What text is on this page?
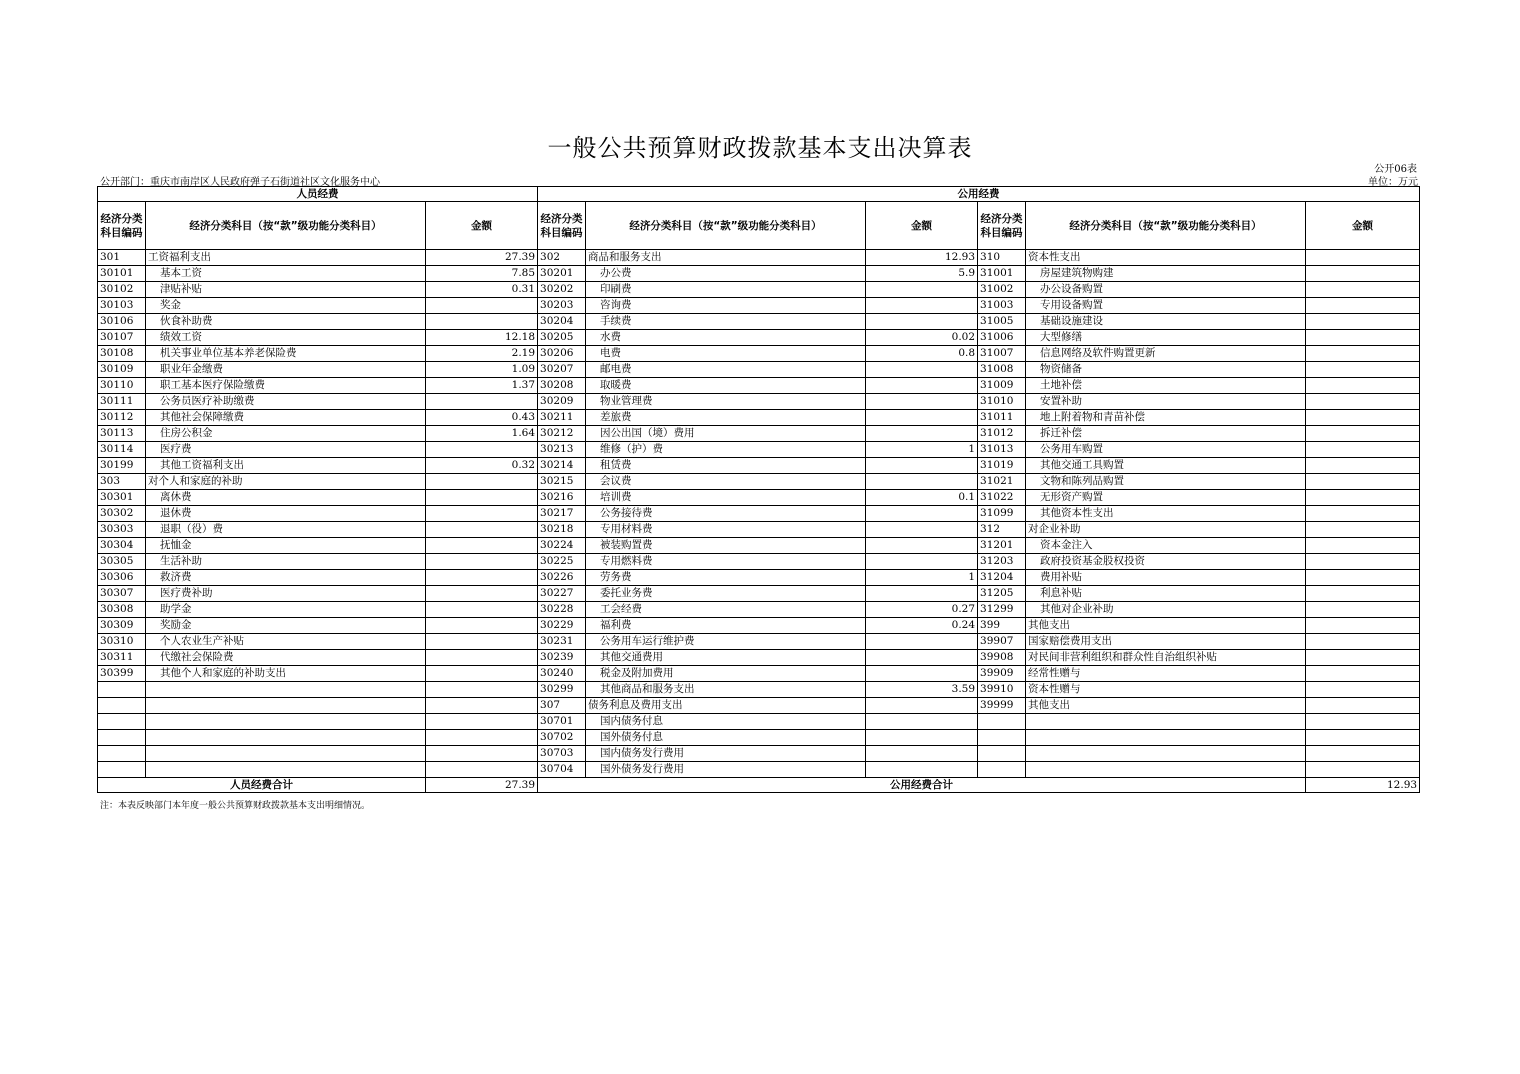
一般公共预算财政拨款基本支出决算表
公开06表
公开部门：重庆市南岸区人民政府弹子石街道社区文化服务中心	单位：万元
人员经费			公用经费					
经济分类科目编码	经济分类科目（按“款”级功能分类科目）	金额	经济分类科目编码	经济分类科目（按“款”级功能分类科目）	金额	经济分类科目编码	经济分类科目（按“款”级功能分类科目）	金额
301	工资福利支出	27.39	302	商品和服务支出	12.93	310	资本性支出	
30101	基本工资	7.85	30201	办公费	5.9	31001	房屋建筑物购建	
30102	津贴补贴	0.31	30202	印刷费		31002	办公设备购置	
30103	奖金		30203	咨询费		31003	专用设备购置	
30106	伙食补助费		30204	手续费		31005	基础设施建设	
30107	绩效工资	12.18	30205	水费	0.02	31006	大型修缮	
30108	机关事业单位基本养老保险费	2.19	30206	电费	0.8	31007	信息网络及软件购置更新	
30109	职业年金缴费	1.09	30207	邮电费		31008	物资储备	
30110	职工基本医疗保险缴费	1.37	30208	取暖费		31009	土地补偿	
30111	公务员医疗补助缴费		30209	物业管理费		31010	安置补助	
30112	其他社会保障缴费	0.43	30211	差旅费		31011	地上附着物和青苗补偿	
30113	住房公积金	1.64	30212	因公出国（境）费用		31012	拆迁补偿	
30114	医疗费		30213	维修（护）费	1	31013	公务用车购置	
30199	其他工资福利支出	0.32	30214	租赁费		31019	其他交通工具购置	
303	对个人和家庭的补助		30215	会议费		31021	文物和陈列品购置	
30301	离休费		30216	培训费	0.1	31022	无形资产购置	
30302	退休费		30217	公务接待费		31099	其他资本性支出	
30303	退职（役）费		30218	专用材料费		312	对企业补助	
30304	抚恤金		30224	被装购置费		31201	资本金注入	
30305	生活补助		30225	专用燃料费		31203	政府投资基金股权投资	
30306	救济费		30226	劳务费	1	31204	费用补贴	
30307	医疗费补助		30227	委托业务费		31205	利息补贴	
30308	助学金		30228	工会经费	0.27	31299	其他对企业补助	
30309	奖励金		30229	福利费	0.24	399	其他支出	
30310	个人农业生产补贴		30231	公务用车运行维护费		39907	国家赔偿费用支出	
30311	代缴社会保险费		30239	其他交通费用		39908	对民间非营利组织和群众性自治组织补贴	
30399	其他个人和家庭的补助支出		30240	税金及附加费用		39909	经常性赠与	
			30299	其他商品和服务支出	3.59	39910	资本性赠与	
			307	债务利息及费用支出		39999	其他支出	
			30701	国内债务付息				
			30702	国外债务付息				
			30703	国内债务发行费用				
			30704	国外债务发行费用				
人员经费合计		27.39	公用经费合计					12.93
注：本表反映部门本年度一般公共预算财政拨款基本支出明细情况。
